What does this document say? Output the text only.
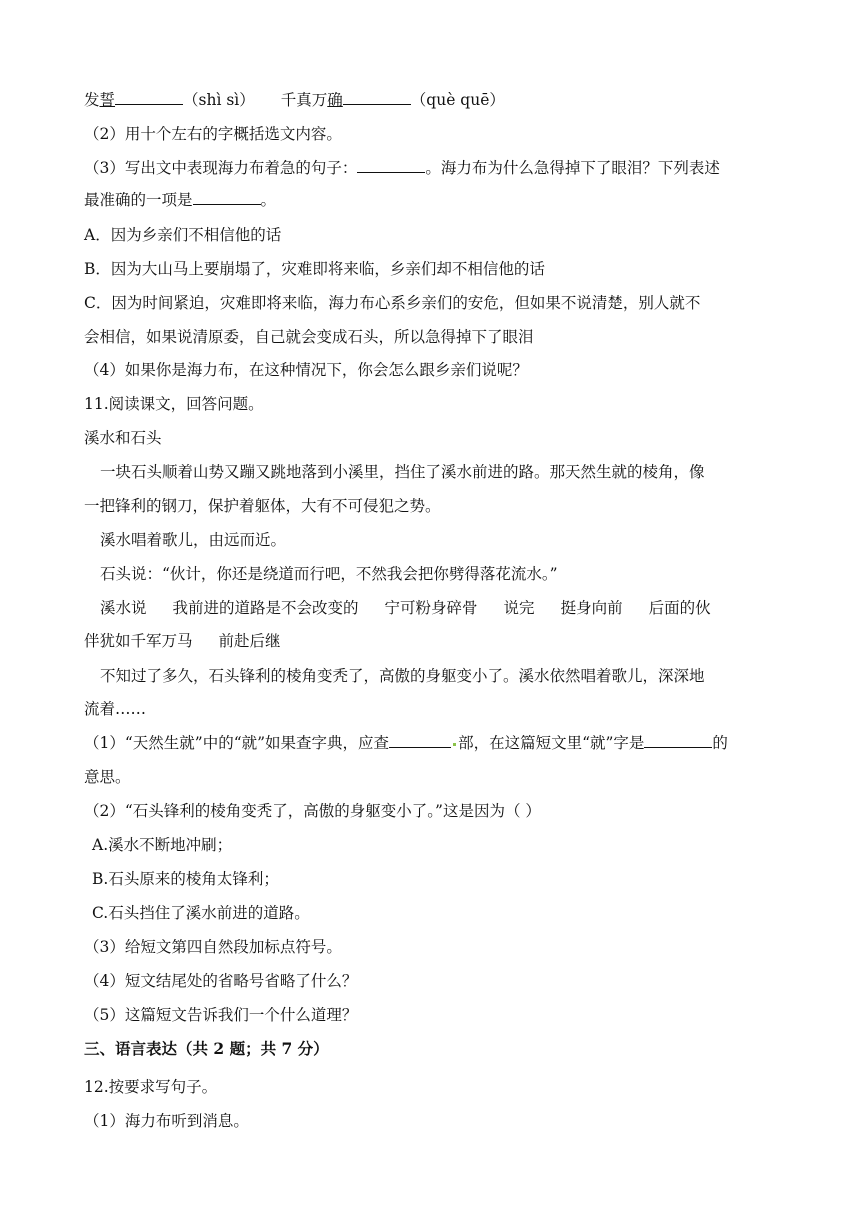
发誓	（shì sì） 千真万确	（què quē）
（2）用十个左右的字概括选文内容。
（3）写出文中表现海力布着急的句子：	。海力布为什么急得掉下了眼泪？下列表述
最准确的一项是	。
A．因为乡亲们不相信他的话
B．因为大山马上要崩塌了，灾难即将来临，乡亲们却不相信他的话
C．因为时间紧迫，灾难即将来临，海力布心系乡亲们的安危，但如果不说清楚，别人就不
会相信，如果说清原委，自己就会变成石头，所以急得掉下了眼泪
（4）如果你是海力布，在这种情况下，你会怎么跟乡亲们说呢？
11.阅读课文，回答问题。
溪水和石头
一块石头顺着山势又蹦又跳地落到小溪里，挡住了溪水前进的路。那天然生就的棱角，像
一把锋利的钢刀，保护着躯体，大有不可侵犯之势。
溪水唱着歌儿，由远而近。
石头说：“伙计，你还是绕道而行吧，不然我会把你劈得落花流水。”
溪水说 我前进的道路是不会改变的 宁可粉身碎骨 说完 挺身向前 后面的伙
伴犹如千军万马 前赴后继
不知过了多久，石头锋利的棱角变秃了，高傲的身躯变小了。溪水依然唱着歌儿，深深地
流着……
（1）“天然生就”中的“就”如果查字典，应查	部，在这篇短文里“就”字是	的
意思。
（2）“石头锋利的棱角变秃了，高傲的身躯变小了。”这是因为（ ）
A.溪水不断地冲刷；
B.石头原来的棱角太锋利；
C.石头挡住了溪水前进的道路。
（3）给短文第四自然段加标点符号。
（4）短文结尾处的省略号省略了什么？
（5）这篇短文告诉我们一个什么道理？
三、语言表达（共 2 题；共 7 分）
12.按要求写句子。
（1）海力布听到消息。
